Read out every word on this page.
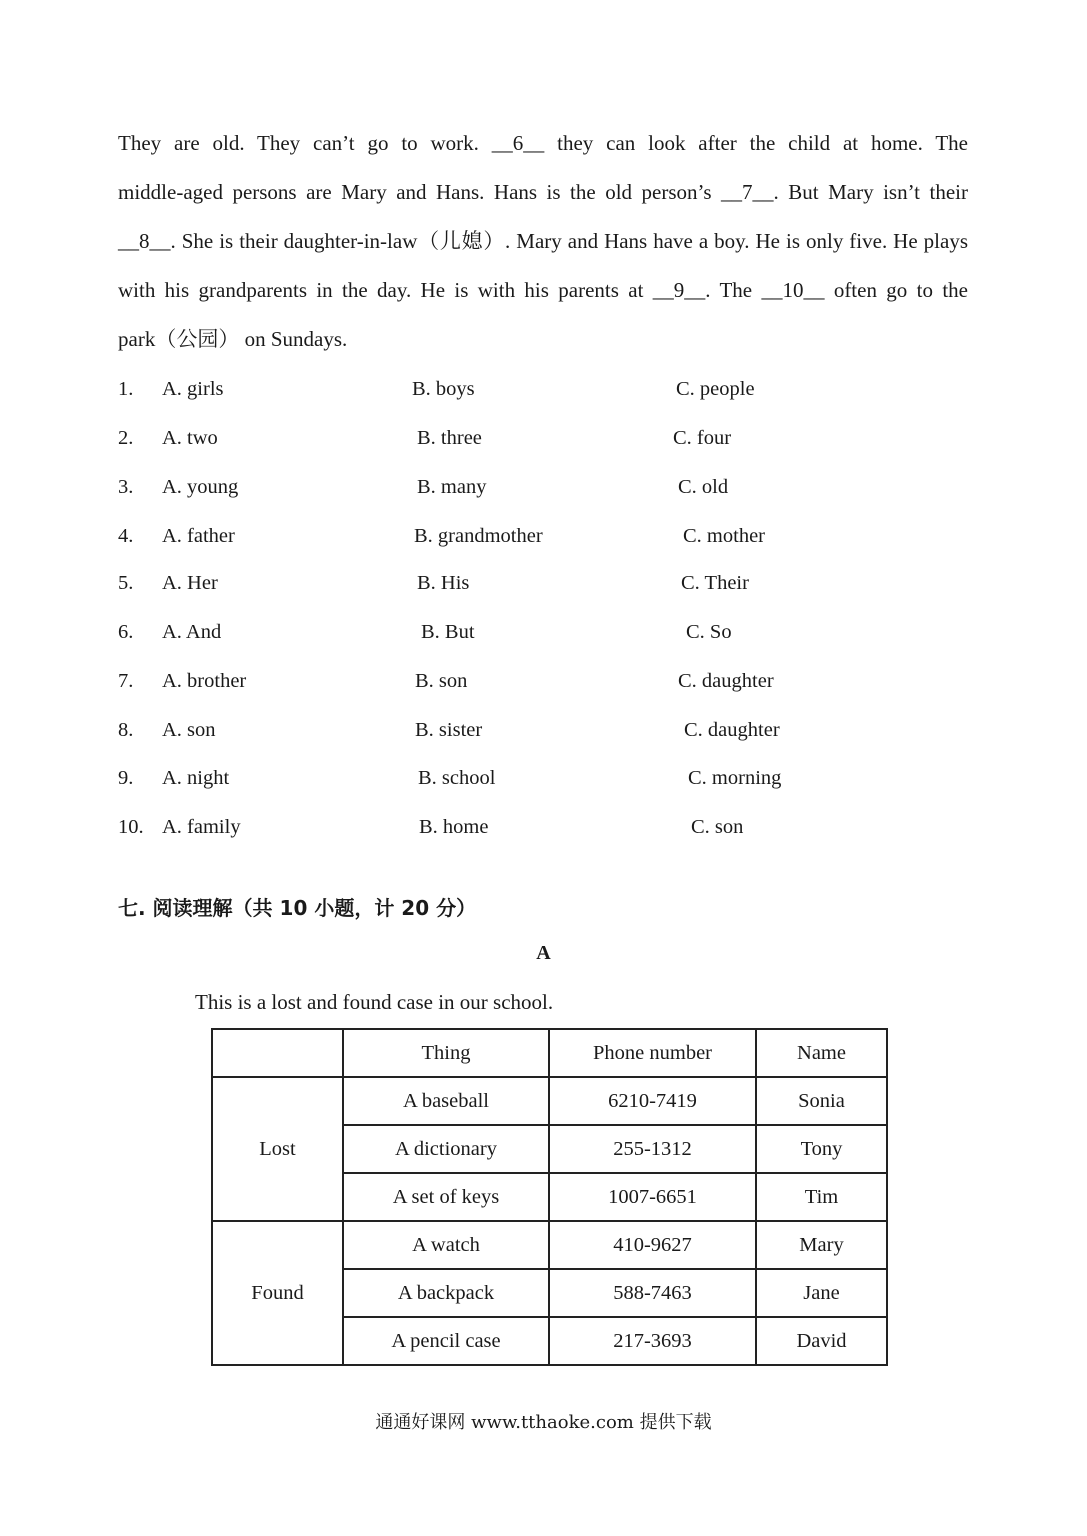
They are old. They can’t go to work. __6__ they can look after the child at home. The
middle-aged persons are Mary and Hans. Hans is the old person’s __7__. But Mary isn’t their
__8__. She is their daughter-in-law（儿媳）. Mary and Hans have a boy. He is only five. He plays
with his grandparents in the day. He is with his parents at __9__. The __10__ often go to the
park（公园） on Sundays.
1. A. girls	B. boys	C. people
2. A. two	B. three	C. four
3. A. young	B. many	C. old
4. A. father	B. grandmother	C. mother
5. A. Her	B. His	C. Their
6. A. And	B. But	C. So
7. A. brother	B. son	C. daughter
8. A. son	B. sister	C. daughter
9. A. night	B. school	C. morning
10. A. family	B. home	C. son
七. 阅读理解（共 10 小题，计 20 分）
A
This is a lost and found case in our school.
	Thing	Phone number	Name
Lost	A baseball	6210-7419	Sonia
	A dictionary	255-1312	Tony
	A set of keys	1007-6651	Tim
Found	A watch	410-9627	Mary
	A backpack	588-7463	Jane
	A pencil case	217-3693	David
通通好课网 www.tthaoke.com 提供下载
